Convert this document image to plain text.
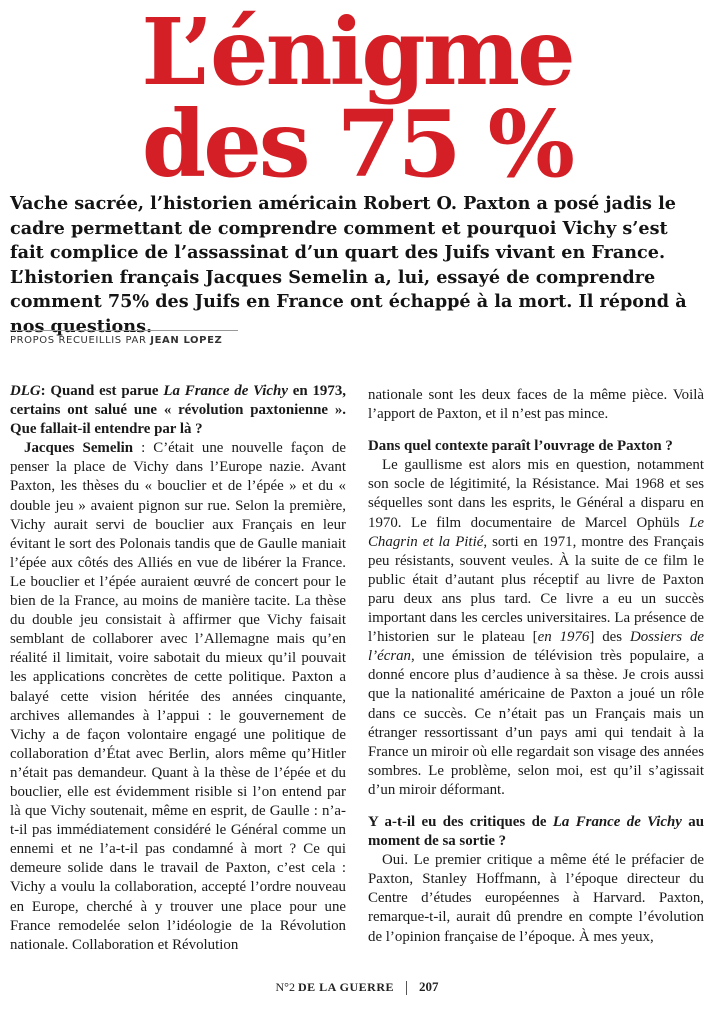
L’énigme
des 75 %

Vache sacrée, l’historien américain Robert O. Paxton a posé jadis le cadre permettant de comprendre comment et pourquoi Vichy s’est fait complice de l’assassinat d’un quart des Juifs vivant en France. L’historien français Jacques Semelin a, lui, essayé de comprendre comment 75% des Juifs en France ont échappé à la mort. Il répond à nos questions.

PROPOS RECUEILLIS PAR JEAN LOPEZ

DLG: Quand est parue La France de Vichy en 1973, certains ont salué une « révolution paxtonienne ». Que fallait-il entendre par là ?

Jacques Semelin : C’était une nouvelle façon de penser la place de Vichy dans l’Europe nazie. Avant Paxton, les thèses du « bouclier et de l’épée » et du « double jeu » avaient pignon sur rue. Selon la première, Vichy aurait servi de bouclier aux Français en leur évitant le sort des Polonais tandis que de Gaulle maniait l’épée aux côtés des Alliés en vue de libérer la France. Le bouclier et l’épée auraient œuvré de concert pour le bien de la France, au moins de manière tacite. La thèse du double jeu consistait à affirmer que Vichy faisait semblant de collaborer avec l’Allemagne mais qu’en réalité il limitait, voire sabotait du mieux qu’il pouvait les applications concrètes de cette politique. Paxton a balayé cette vision héritée des années cinquante, archives allemandes à l’appui : le gouvernement de Vichy a de façon volontaire engagé une politique de collaboration d’État avec Berlin, alors même qu’Hitler n’était pas demandeur. Quant à la thèse de l’épée et du bouclier, elle est évidemment risible si l’on entend par là que Vichy soutenait, même en esprit, de Gaulle : n’a-t-il pas immédiatement considéré le Général comme un ennemi et ne l’a-t-il pas condamné à mort ? Ce qui demeure solide dans le travail de Paxton, c’est cela : Vichy a voulu la collaboration, accepté l’ordre nouveau en Europe, cherché à y trouver une place pour une France remodelée selon l’idéologie de la Révolution nationale. Collaboration et Révolution

nationale sont les deux faces de la même pièce. Voilà l’apport de Paxton, et il n’est pas mince.

Dans quel contexte paraît l’ouvrage de Paxton ?

Le gaullisme est alors mis en question, notamment son socle de légitimité, la Résistance. Mai 1968 et ses séquelles sont dans les esprits, le Général a disparu en 1970. Le film documentaire de Marcel Ophüls Le Chagrin et la Pitié, sorti en 1971, montre des Français peu résistants, souvent veules. À la suite de ce film le public était d’autant plus réceptif au livre de Paxton paru deux ans plus tard. Ce livre a eu un succès important dans les cercles universitaires. La présence de l’historien sur le plateau [en 1976] des Dossiers de l’écran, une émission de télévision très populaire, a donné encore plus d’audience à sa thèse. Je crois aussi que la nationalité américaine de Paxton a joué un rôle dans ce succès. Ce n’était pas un Français mais un étranger ressortissant d’un pays ami qui tendait à la France un miroir où elle regardait son visage des années sombres. Le problème, selon moi, est qu’il s’agissait d’un miroir déformant.

Y a-t-il eu des critiques de La France de Vichy au moment de sa sortie ?

Oui. Le premier critique a même été le préfacier de Paxton, Stanley Hoffmann, à l’époque directeur du Centre d’études européennes à Harvard. Paxton, remarque-t-il, aurait dû prendre en compte l’évolution de l’opinion française de l’époque. À mes yeux,

N°2 DE LA GUERRE 207
